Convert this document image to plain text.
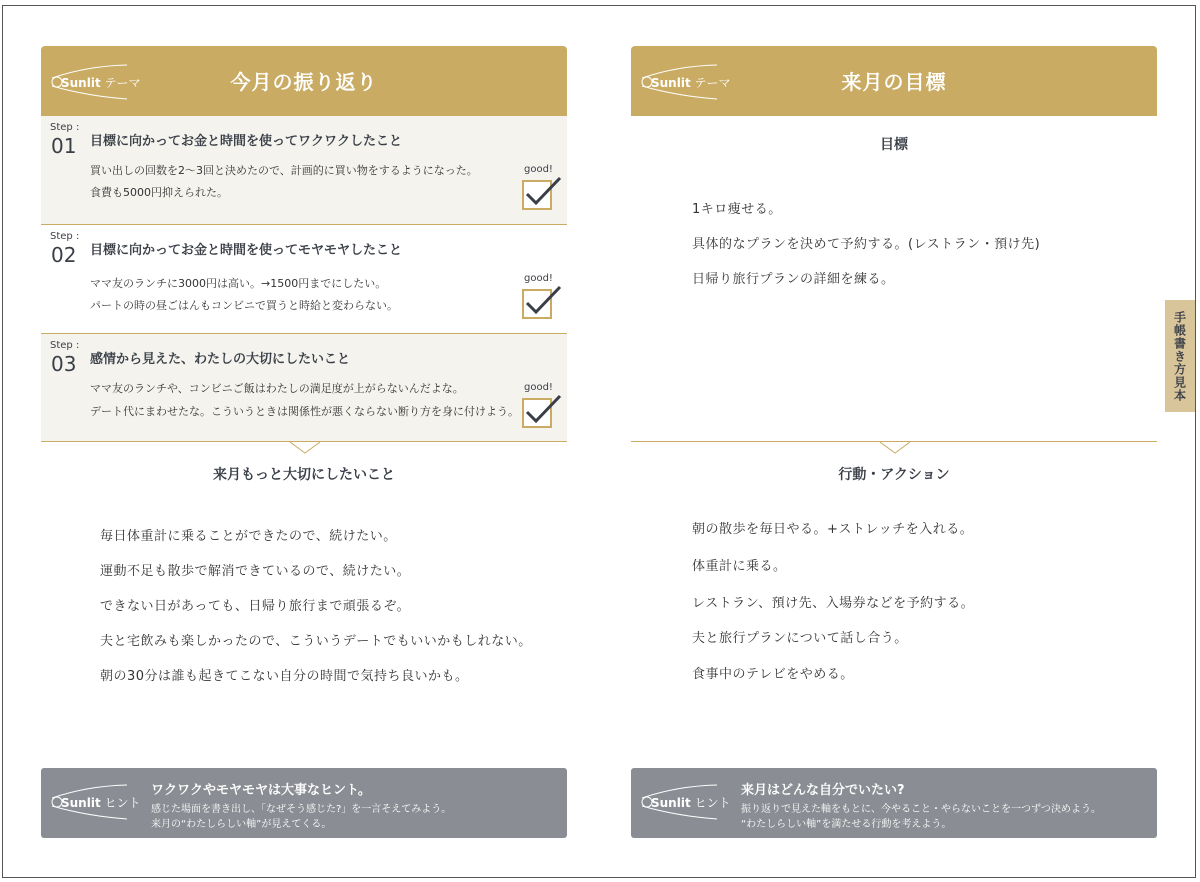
Sunlit テーマ	今月の振り返り
Step :
01 目標に向かってお金と時間を使ってワクワクしたこと
買い出しの回数を2～3回と決めたので、計画的に買い物をするようになった。
食費も5000円抑えられた。
good!
Step :
02 目標に向かってお金と時間を使ってモヤモヤしたこと
ママ友のランチに3000円は高い。→1500円までにしたい。
パートの時の昼ごはんもコンビニで買うと時給と変わらない。
good!
Step :
03 感情から見えた、わたしの大切にしたいこと
ママ友のランチや、コンビニご飯はわたしの満足度が上がらないんだよな。
デート代にまわせたな。こういうときは関係性が悪くならない断り方を身に付けよう。
good!
来月もっと大切にしたいこと
毎日体重計に乗ることができたので、続けたい。
運動不足も散歩で解消できているので、続けたい。
できない日があっても、日帰り旅行まで頑張るぞ。
夫と宅飲みも楽しかったので、こういうデートでもいいかもしれない。
朝の30分は誰も起きてこない自分の時間で気持ち良いかも。
Sunlit ヒント
ワクワクやモヤモヤは大事なヒント。
感じた場面を書き出し、「なぜそう感じた?」を一言そえてみよう。
来月の“わたしらしい軸”が見えてくる。
Sunlit テーマ	来月の目標
目標
1キロ痩せる。
具体的なプランを決めて予約する。(レストラン・預け先)
日帰り旅行プランの詳細を練る。
行動・アクション
朝の散歩を毎日やる。+ストレッチを入れる。
体重計に乗る。
レストラン、預け先、入場券などを予約する。
夫と旅行プランについて話し合う。
食事中のテレビをやめる。
Sunlit ヒント
来月はどんな自分でいたい?
振り返りで見えた軸をもとに、今やること・やらないことを一つずつ決めよう。
“わたしらしい軸”を満たせる行動を考えよう。
手帳書き方見本
